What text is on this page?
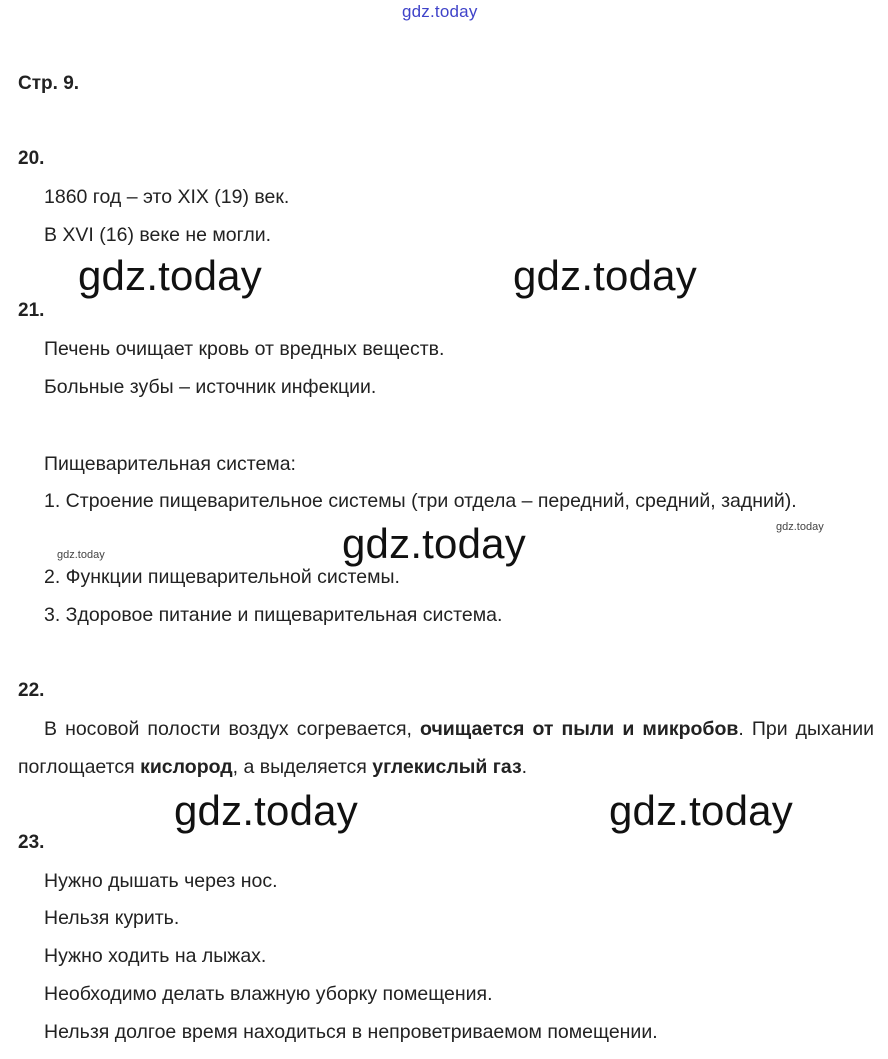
gdz.today
Стр. 9.
20.
1860 год – это XIX (19) век.
В XVI (16) веке не могли.
gdz.today	gdz.today
21.
Печень очищает кровь от вредных веществ.
Больные зубы – источник инфекции.
Пищеварительная система:
1. Строение пищеварительное системы (три отдела – передний, средний, задний).
gdz.today
gdz.today	gdz.today
2. Функции пищеварительной системы.
3. Здоровое питание и пищеварительная система.
22.
В носовой полости воздух согревается, очищается от пыли и микробов. При дыхании поглощается кислород, а выделяется углекислый газ.
gdz.today	gdz.today
23.
Нужно дышать через нос.
Нельзя курить.
Нужно ходить на лыжах.
Необходимо делать влажную уборку помещения.
Нельзя долгое время находиться в непроветриваемом помещении.
